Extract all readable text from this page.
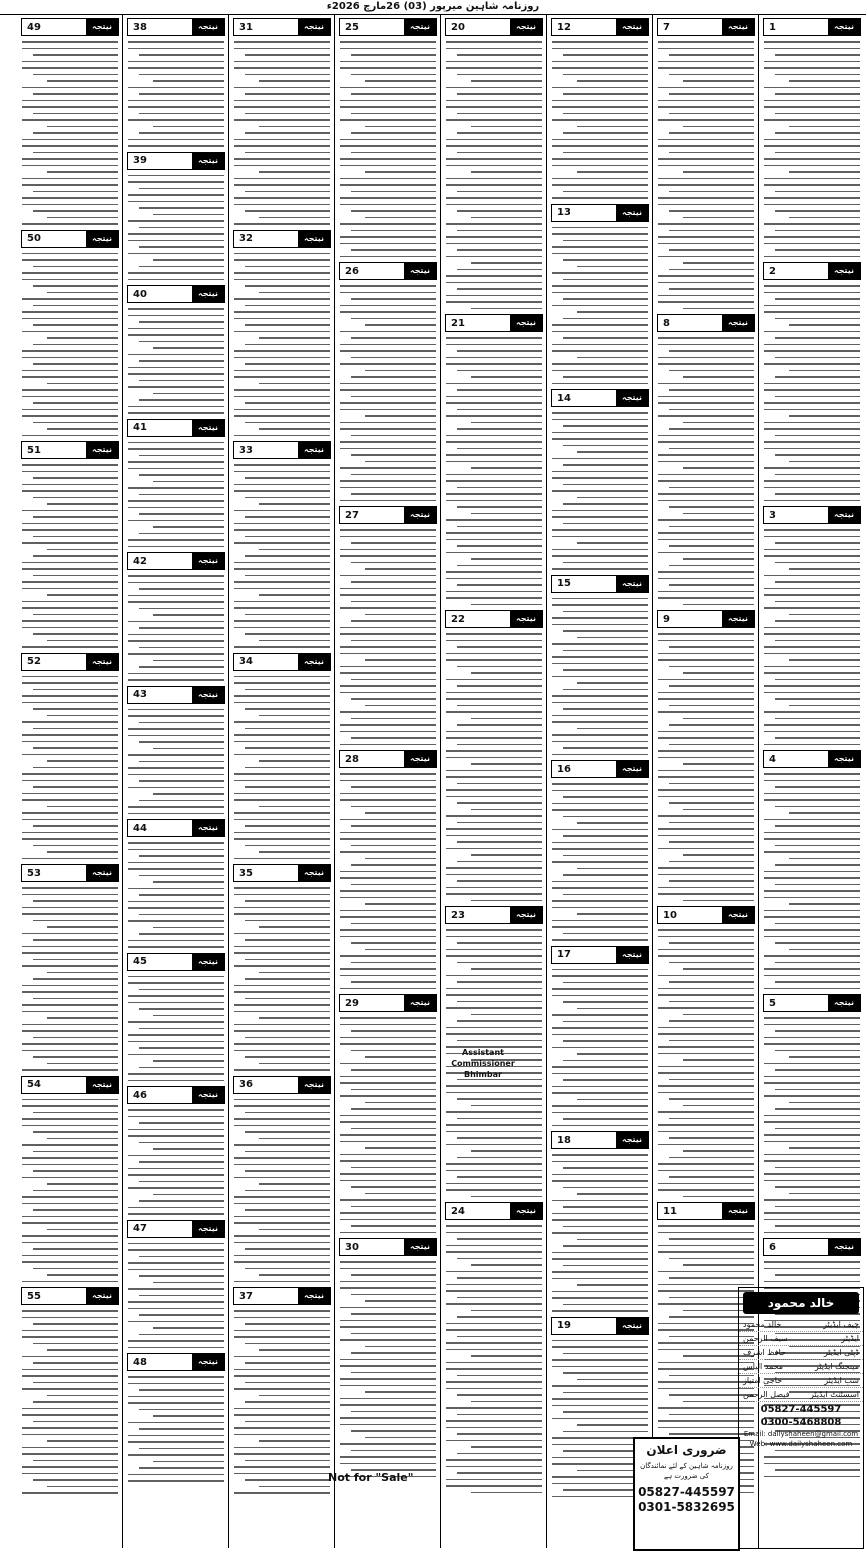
روزنامہ شاہین میرپور (03) 26مارچ 2026ء
نیتجہ
1
نیتجہ
2
نیتجہ
3
نیتجہ
4
نیتجہ
5
نیتجہ
6
نیتجہ
7
نیتجہ
8
نیتجہ
9
نیتجہ
10
نیتجہ
11
نیتجہ
12
نیتجہ
13
نیتجہ
14
نیتجہ
15
نیتجہ
16
نیتجہ
17
نیتجہ
18
نیتجہ
19
نیتجہ
20
نیتجہ
21
نیتجہ
22
نیتجہ
23
نیتجہ
24
نیتجہ
25
نیتجہ
26
نیتجہ
27
نیتجہ
28
نیتجہ
29
نیتجہ
30
نیتجہ
31
نیتجہ
32
نیتجہ
33
نیتجہ
34
نیتجہ
35
نیتجہ
36
نیتجہ
37
نیتجہ
38
نیتجہ
39
نیتجہ
40
نیتجہ
41
نیتجہ
42
نیتجہ
43
نیتجہ
44
نیتجہ
45
نیتجہ
46
نیتجہ
47
نیتجہ
48
نیتجہ
49
نیتجہ
50
نیتجہ
51
نیتجہ
52
نیتجہ
53
نیتجہ
54
نیتجہ
55
Assistant Commissioner Bhimbar
Not for "Sale"
ضروری اعلان
روزنامہ شاہین کے لئے نمائندگان کی ضرورت ہے
05827-445597
0301-5832695
خالد محمود
چیف ایڈیٹر
خالد محمود
ایڈیٹر
سیف الرحمن
ڈپٹی ایڈیٹر
حافظ اشرف
مینجنگ ایڈیٹر
محمد الیاس
سب ایڈیٹر
حاجی امتیاز
اسسٹنٹ ایڈیٹر
فیصل الرحمن
05827-445597
0300-5468808
Email: dailyshaheen@gmail.com
Web: www.dailyshaheen.com
